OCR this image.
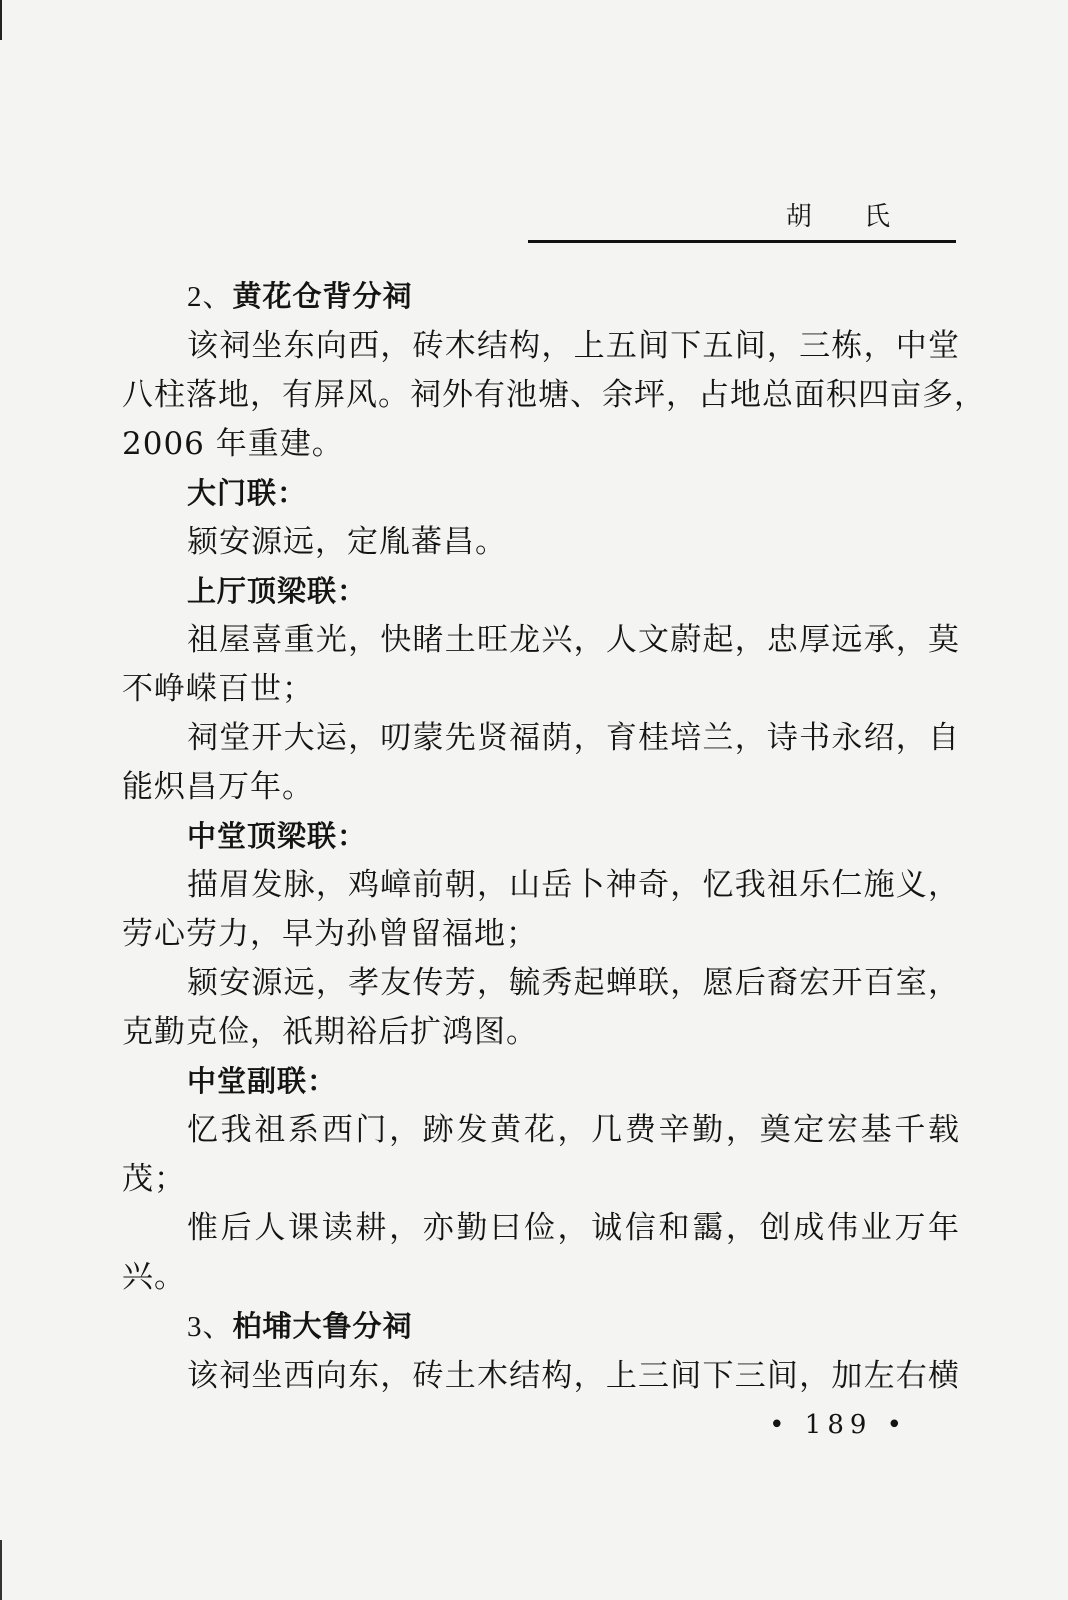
胡 氏
2、黄花仓背分祠
该祠坐东向西，砖木结构，上五间下五间，三栋，中堂
八柱落地，有屏风。祠外有池塘、余坪，占地总面积四亩多，
2006 年重建。
大门联：
颍安源远，定胤蕃昌。
上厅顶梁联：
祖屋喜重光，快睹土旺龙兴，人文蔚起，忠厚远承，莫
不峥嵘百世；
祠堂开大运，叨蒙先贤福荫，育桂培兰，诗书永绍，自
能炽昌万年。
中堂顶梁联：
描眉发脉，鸡嶂前朝，山岳卜神奇，忆我祖乐仁施义，
劳心劳力，早为孙曾留福地；
颍安源远，孝友传芳，毓秀起蝉联，愿后裔宏开百室，
克勤克俭，祇期裕后扩鸿图。
中堂副联：
忆我祖系西门，跡发黄花，几费辛勤，奠定宏基千载
茂；
惟后人课读耕，亦勤曰俭，诚信和靄，创成伟业万年
兴。
3、柏埔大鲁分祠
该祠坐西向东，砖土木结构，上三间下三间，加左右横
• 189 •
